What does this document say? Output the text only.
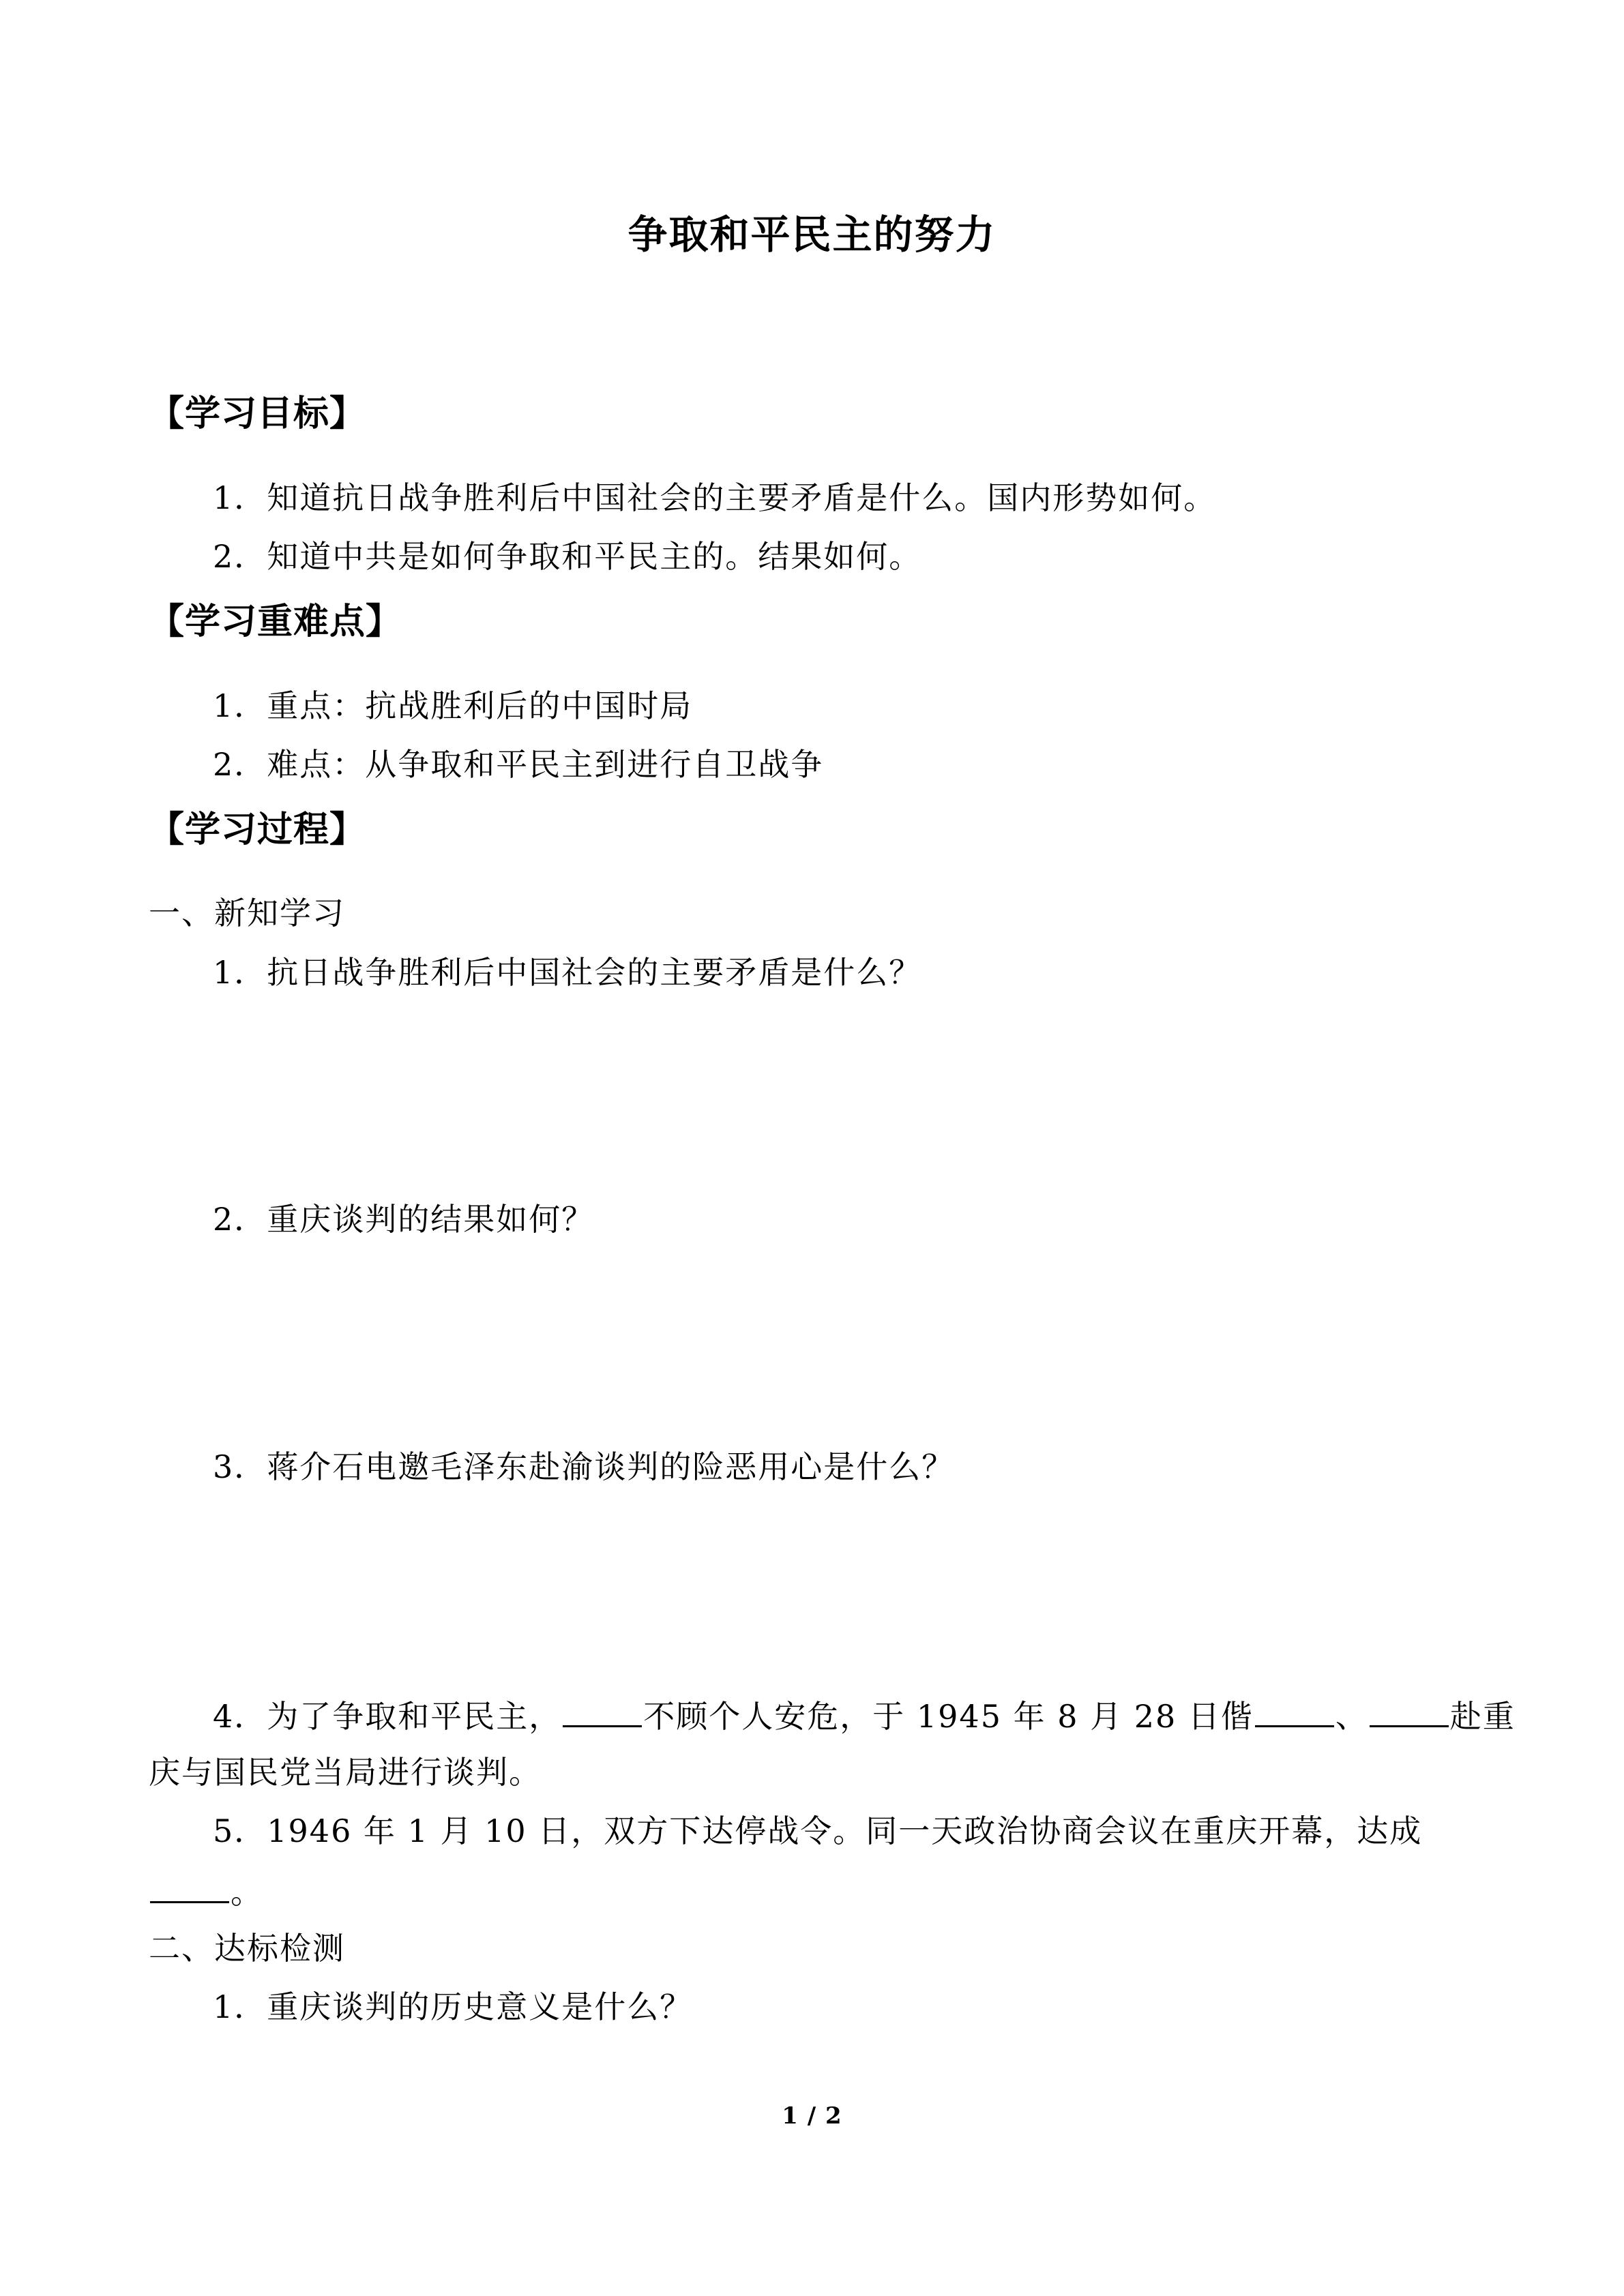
争取和平民主的努力
【学习目标】
1．知道抗日战争胜利后中国社会的主要矛盾是什么。国内形势如何。
2．知道中共是如何争取和平民主的。结果如何。
【学习重难点】
1．重点：抗战胜利后的中国时局
2．难点：从争取和平民主到进行自卫战争
【学习过程】
一、新知学习
1．抗日战争胜利后中国社会的主要矛盾是什么？
2．重庆谈判的结果如何？
3．蒋介石电邀毛泽东赴渝谈判的险恶用心是什么？
4．为了争取和平民主，	不顾个人安危，于 1945 年 8 月 28 日偕	、	赴重
庆与国民党当局进行谈判。
5．1946 年 1 月 10 日，双方下达停战令。同一天政治协商会议在重庆开幕，达成
。
二、达标检测
1．重庆谈判的历史意义是什么？
1 / 2
